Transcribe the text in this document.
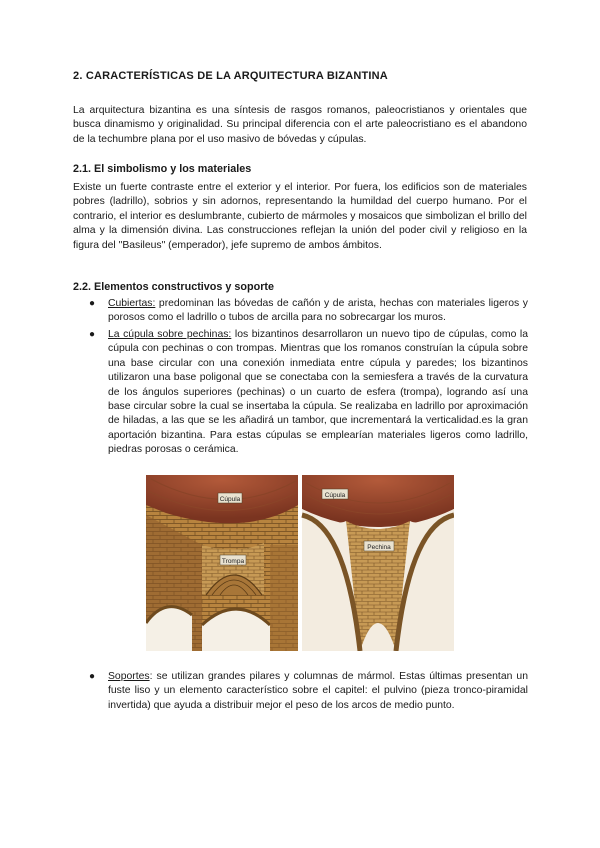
2. CARACTERÍSTICAS DE LA ARQUITECTURA BIZANTINA

La arquitectura bizantina es una síntesis de rasgos romanos, paleocristianos y orientales que busca dinamismo y originalidad. Su principal diferencia con el arte paleocristiano es el abandono de la techumbre plana por el uso masivo de bóvedas y cúpulas.

2.1. El simbolismo y los materiales

Existe un fuerte contraste entre el exterior y el interior. Por fuera, los edificios son de materiales pobres (ladrillo), sobrios y sin adornos, representando la humildad del cuerpo humano. Por el contrario, el interior es deslumbrante, cubierto de mármoles y mosaicos que simbolizan el brillo del alma y la dimensión divina. Las construcciones reflejan la unión del poder civil y religioso en la figura del "Basileus" (emperador), jefe supremo de ambos ámbitos.

2.2. Elementos constructivos y soporte
● Cubiertas: predominan las bóvedas de cañón y de arista, hechas con materiales ligeros y porosos como el ladrillo o tubos de arcilla para no sobrecargar los muros.
● La cúpula sobre pechinas: los bizantinos desarrollaron un nuevo tipo de cúpulas, como la cúpula con pechinas o con trompas. Mientras que los romanos construían la cúpula sobre una base circular con una conexión inmediata entre cúpula y paredes; los bizantinos utilizaron una base poligonal que se conectaba con la semiesfera a través de la curvatura de los ángulos superiores (pechinas) o un cuarto de esfera (trompa), logrando así una base circular sobre la cual se insertaba la cúpula. Se realizaba en ladrillo por aproximación de hiladas, a las que se les añadirá un tambor, que incrementará la verticalidad.es la gran aportación bizantina. Para estas cúpulas se emplearían materiales ligeros como ladrillo, piedras porosas o cerámica.
Cúpula
Trompa
Cúpula
Pechina
● Soportes: se utilizan grandes pilares y columnas de mármol. Estas últimas presentan un fuste liso y un elemento característico sobre el capitel: el pulvino (pieza tronco-piramidal invertida) que ayuda a distribuir mejor el peso de los arcos de medio punto.
